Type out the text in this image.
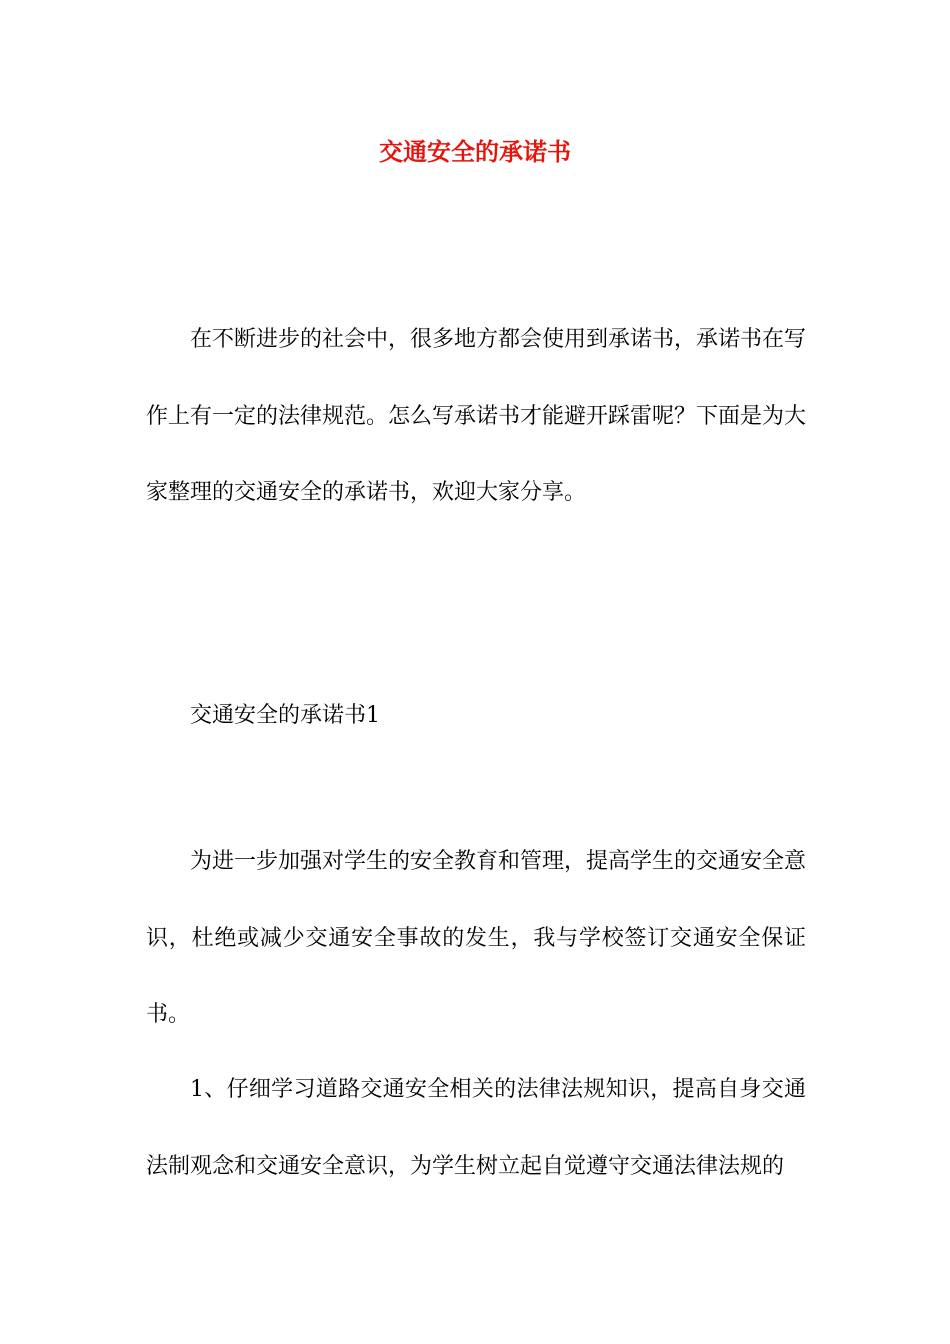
交通安全的承诺书

在不断进步的社会中，很多地方都会使用到承诺书，承诺书在写作上有一定的法律规范。怎么写承诺书才能避开踩雷呢？下面是为大家整理的交通安全的承诺书，欢迎大家分享。

交通安全的承诺书1

为进一步加强对学生的安全教育和管理，提高学生的交通安全意识，杜绝或减少交通安全事故的发生，我与学校签订交通安全保证书。

1、仔细学习道路交通安全相关的法律法规知识，提高自身交通法制观念和交通安全意识，为学生树立起自觉遵守交通法律法规的
